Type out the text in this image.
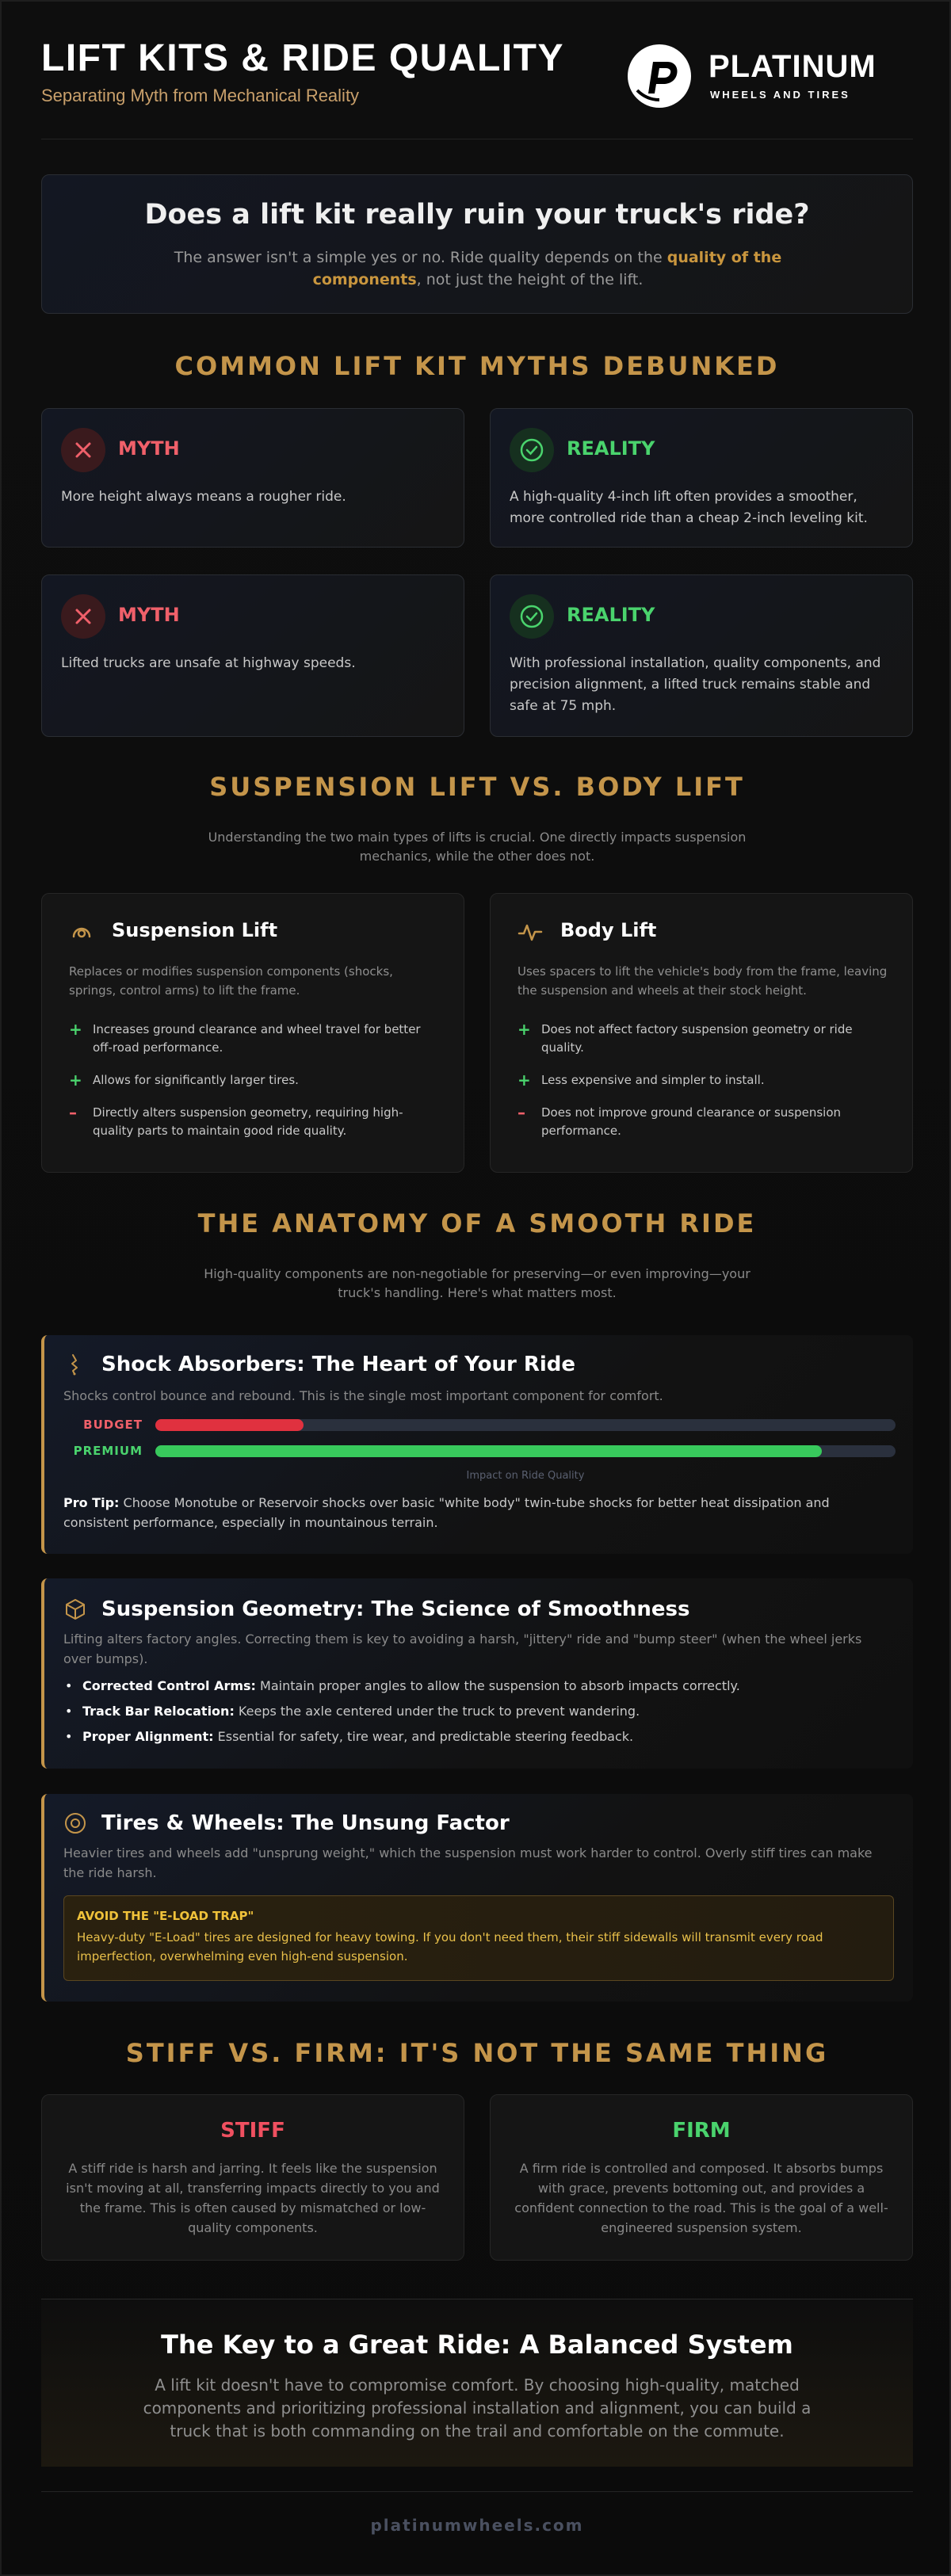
LIFT KITS & RIDE QUALITY
Separating Myth from Mechanical Reality
PLATINUM
WHEELS AND TIRES
Does a lift kit really ruin your truck's ride?
The answer isn't a simple yes or no. Ride quality depends on the quality of the components, not just the height of the lift.
COMMON LIFT KIT MYTHS DEBUNKED
MYTH
More height always means a rougher ride.
REALITY
A high-quality 4-inch lift often provides a smoother, more controlled ride than a cheap 2-inch leveling kit.
MYTH
Lifted trucks are unsafe at highway speeds.
REALITY
With professional installation, quality components, and precision alignment, a lifted truck remains stable and safe at 75 mph.
SUSPENSION LIFT VS. BODY LIFT
Understanding the two main types of lifts is crucial. One directly impacts suspension mechanics, while the other does not.
Suspension Lift
Replaces or modifies suspension components (shocks, springs, control arms) to lift the frame.
+ Increases ground clearance and wheel travel for better off-road performance.
+ Allows for significantly larger tires.
– Directly alters suspension geometry, requiring high-quality parts to maintain good ride quality.
Body Lift
Uses spacers to lift the vehicle's body from the frame, leaving the suspension and wheels at their stock height.
+ Does not affect factory suspension geometry or ride quality.
+ Less expensive and simpler to install.
– Does not improve ground clearance or suspension performance.
THE ANATOMY OF A SMOOTH RIDE
High-quality components are non-negotiable for preserving—or even improving—your truck's handling. Here's what matters most.
Shock Absorbers: The Heart of Your Ride
Shocks control bounce and rebound. This is the single most important component for comfort.
BUDGET
PREMIUM
Impact on Ride Quality
Pro Tip: Choose Monotube or Reservoir shocks over basic "white body" twin-tube shocks for better heat dissipation and consistent performance, especially in mountainous terrain.
Suspension Geometry: The Science of Smoothness
Lifting alters factory angles. Correcting them is key to avoiding a harsh, "jittery" ride and "bump steer" (when the wheel jerks over bumps).
• Corrected Control Arms: Maintain proper angles to allow the suspension to absorb impacts correctly.
• Track Bar Relocation: Keeps the axle centered under the truck to prevent wandering.
• Proper Alignment: Essential for safety, tire wear, and predictable steering feedback.
Tires & Wheels: The Unsung Factor
Heavier tires and wheels add "unsprung weight," which the suspension must work harder to control. Overly stiff tires can make the ride harsh.
AVOID THE "E-LOAD TRAP"
Heavy-duty "E-Load" tires are designed for heavy towing. If you don't need them, their stiff sidewalls will transmit every road imperfection, overwhelming even high-end suspension.
STIFF VS. FIRM: IT'S NOT THE SAME THING
STIFF
A stiff ride is harsh and jarring. It feels like the suspension isn't moving at all, transferring impacts directly to you and the frame. This is often caused by mismatched or low-quality components.
FIRM
A firm ride is controlled and composed. It absorbs bumps with grace, prevents bottoming out, and provides a confident connection to the road. This is the goal of a well-engineered suspension system.
The Key to a Great Ride: A Balanced System
A lift kit doesn't have to compromise comfort. By choosing high-quality, matched components and prioritizing professional installation and alignment, you can build a truck that is both commanding on the trail and comfortable on the commute.
platinumwheels.com
